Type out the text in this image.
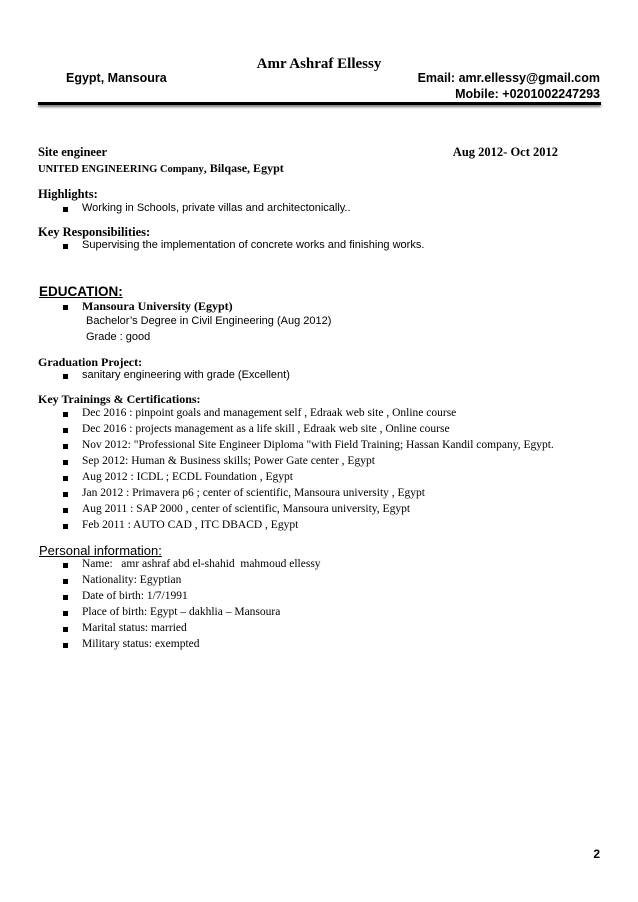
Amr Ashraf Ellessy
Egypt, Mansoura	Email: amr.ellessy@gmail.com
Mobile: +0201002247293
Site engineer	Aug 2012- Oct 2012
UNITED ENGINEERING Company, Bilqase, Egypt
Highlights:
Working in Schools, private villas and architectonically..
Key Responsibilities:
Supervising the implementation of concrete works and finishing works.
EDUCATION:
Mansoura University (Egypt)
Bachelor’s Degree in Civil Engineering (Aug 2012)
Grade : good
Graduation Project:
sanitary engineering with grade (Excellent)
Key Trainings & Certifications:
Dec 2016 : pinpoint goals and management self , Edraak web site , Online course
Dec 2016 : projects management as a life skill , Edraak web site , Online course
Nov 2012: "Professional Site Engineer Diploma "with Field Training; Hassan Kandil company, Egypt.
Sep 2012: Human & Business skills; Power Gate center , Egypt
Aug 2012 : ICDL ; ECDL Foundation , Egypt
Jan 2012 : Primavera p6 ; center of scientific, Mansoura university , Egypt
Aug 2011 : SAP 2000 , center of scientific, Mansoura university, Egypt
Feb 2011 : AUTO CAD , ITC DBACD , Egypt
Personal information:
Name:   amr ashraf abd el-shahid  mahmoud ellessy
Nationality: Egyptian
Date of birth: 1/7/1991
Place of birth: Egypt – dakhlia – Mansoura
Marital status: married
Military status: exempted
2
